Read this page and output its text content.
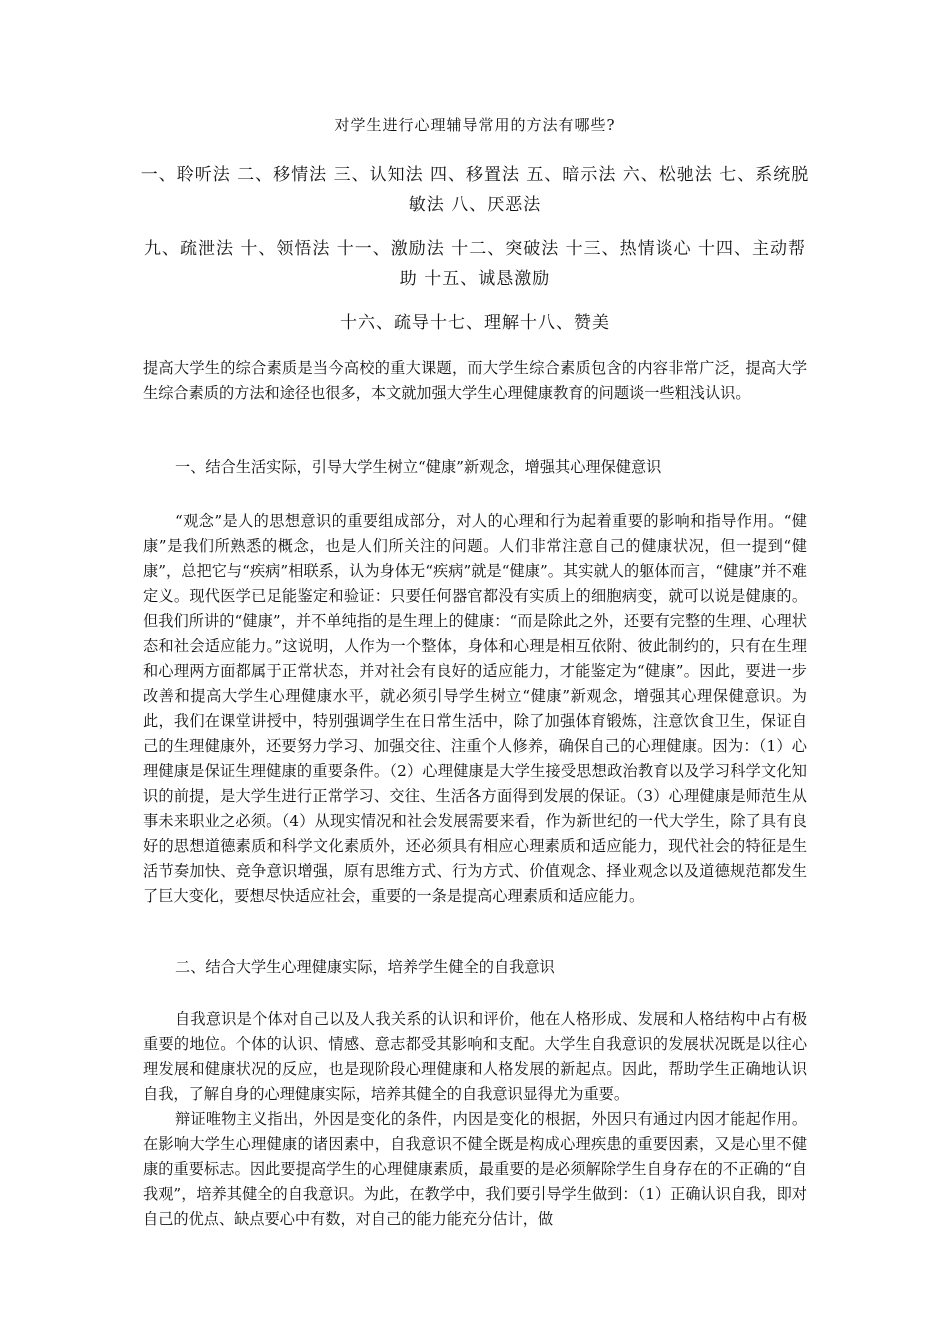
对学生进行心理辅导常用的方法有哪些?
一、聆听法 二、移情法 三、认知法 四、移置法 五、暗示法 六、松驰法 七、系统脱敏法 八、厌恶法
九、疏泄法 十、领悟法 十一、激励法 十二、突破法 十三、热情谈心 十四、主动帮助 十五、诚恳激励
十六、疏导十七、理解十八、赞美
提高大学生的综合素质是当今高校的重大课题，而大学生综合素质包含的内容非常广泛，提高大学生综合素质的方法和途径也很多，本文就加强大学生心理健康教育的问题谈一些粗浅认识。
一、结合生活实际，引导大学生树立“健康”新观念，增强其心理保健意识
“观念”是人的思想意识的重要组成部分，对人的心理和行为起着重要的影响和指导作用。“健康”是我们所熟悉的概念，也是人们所关注的问题。人们非常注意自己的健康状况，但一提到“健康”，总把它与“疾病”相联系，认为身体无“疾病”就是“健康”。其实就人的躯体而言，“健康”并不难定义。现代医学已足能鉴定和验证：只要任何器官都没有实质上的细胞病变，就可以说是健康的。但我们所讲的“健康”，并不单纯指的是生理上的健康：“而是除此之外，还要有完整的生理、心理状态和社会适应能力。”这说明，人作为一个整体，身体和心理是相互依附、彼此制约的，只有在生理和心理两方面都属于正常状态，并对社会有良好的适应能力，才能鉴定为“健康”。因此，要进一步改善和提高大学生心理健康水平，就必须引导学生树立“健康”新观念，增强其心理保健意识。为此，我们在课堂讲授中，特别强调学生在日常生活中，除了加强体育锻炼，注意饮食卫生，保证自己的生理健康外，还要努力学习、加强交往、注重个人修养，确保自己的心理健康。因为：（1）心理健康是保证生理健康的重要条件。（2）心理健康是大学生接受思想政治教育以及学习科学文化知识的前提，是大学生进行正常学习、交往、生活各方面得到发展的保证。（3）心理健康是师范生从事未来职业之必须。（4）从现实情况和社会发展需要来看，作为新世纪的一代大学生，除了具有良好的思想道德素质和科学文化素质外，还必须具有相应心理素质和适应能力，现代社会的特征是生活节奏加快、竞争意识增强，原有思维方式、行为方式、价值观念、择业观念以及道德规范都发生了巨大变化，要想尽快适应社会，重要的一条是提高心理素质和适应能力。
二、结合大学生心理健康实际，培养学生健全的自我意识
自我意识是个体对自己以及人我关系的认识和评价，他在人格形成、发展和人格结构中占有极重要的地位。个体的认识、情感、意志都受其影响和支配。大学生自我意识的发展状况既是以往心理发展和健康状况的反应，也是现阶段心理健康和人格发展的新起点。因此，帮助学生正确地认识自我，了解自身的心理健康实际，培养其健全的自我意识显得尤为重要。
辩证唯物主义指出，外因是变化的条件，内因是变化的根据，外因只有通过内因才能起作用。在影响大学生心理健康的诸因素中，自我意识不健全既是构成心理疾患的重要因素，又是心里不健康的重要标志。因此要提高学生的心理健康素质，最重要的是必须解除学生自身存在的不正确的“自我观”，培养其健全的自我意识。为此，在教学中，我们要引导学生做到：（1）正确认识自我，即对自己的优点、缺点要心中有数，对自己的能力能充分估计，做
